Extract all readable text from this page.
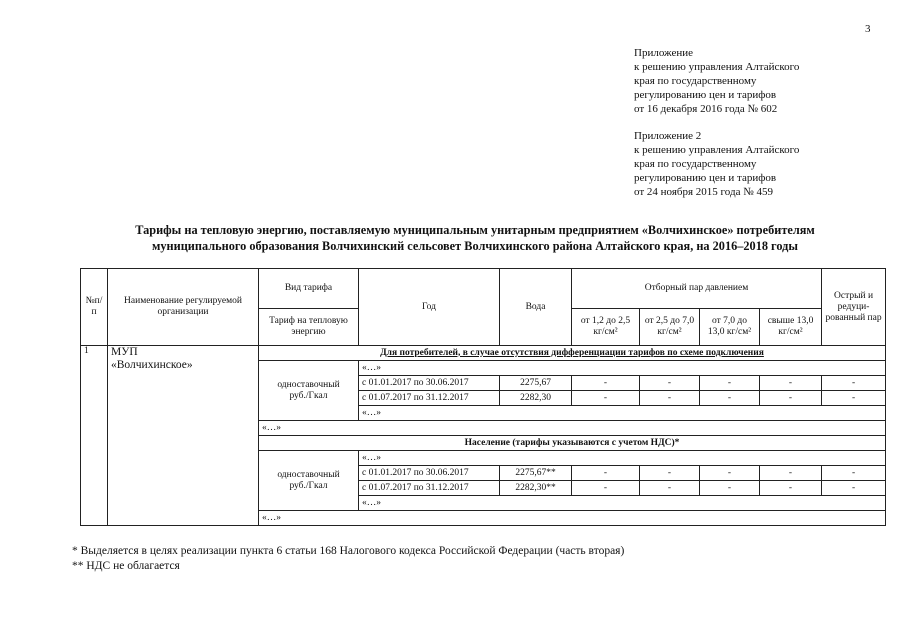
3
Приложение
к решению управления Алтайского
края по государственному
регулированию цен и тарифов
от 16 декабря 2016 года № 602
Приложение 2
к решению управления Алтайского
края по государственному
регулированию цен и тарифов
от 24 ноября 2015 года № 459
Тарифы на тепловую энергию, поставляемую муниципальным унитарным предприятием «Волчихинское» потребителям
муниципального образования Волчихинский сельсовет Волчихинского района Алтайского края, на 2016–2018 годы
№п/п	Наименование регулируемой организации	Вид тарифа	Год	Вода	Отборный пар давлением				Острый и редуци-рованный пар
		Тариф на тепловую энергию			от 1,2 до 2,5 кг/см²	от 2,5 до 7,0 кг/см²	от 7,0 до 13,0 кг/см²	свыше 13,0 кг/см²	
1	МУП
«Волчихинское»	Для потребителей, в случае отсутствия дифференциации тарифов по схеме подключения							

		одноставочный
руб./Гкал	«…»						
			с 01.01.2017 по 30.06.2017	2275,67	-	-	-	-	-
			с 01.07.2017 по 31.12.2017	2282,30	-	-	-	-	-
			«…»						
		«…»							
		Население (тарифы указываются с учетом НДС)*							

		одноставочный
руб./Гкал	«…»						
			с 01.01.2017 по 30.06.2017	2275,67**	-	-	-	-	-
			с 01.07.2017 по 31.12.2017	2282,30**	-	-	-	-	-
			«…»						
		«…»							
* Выделяется в целях реализации пункта 6 статьи 168 Налогового кодекса Российской Федерации (часть вторая)
** НДС не облагается
